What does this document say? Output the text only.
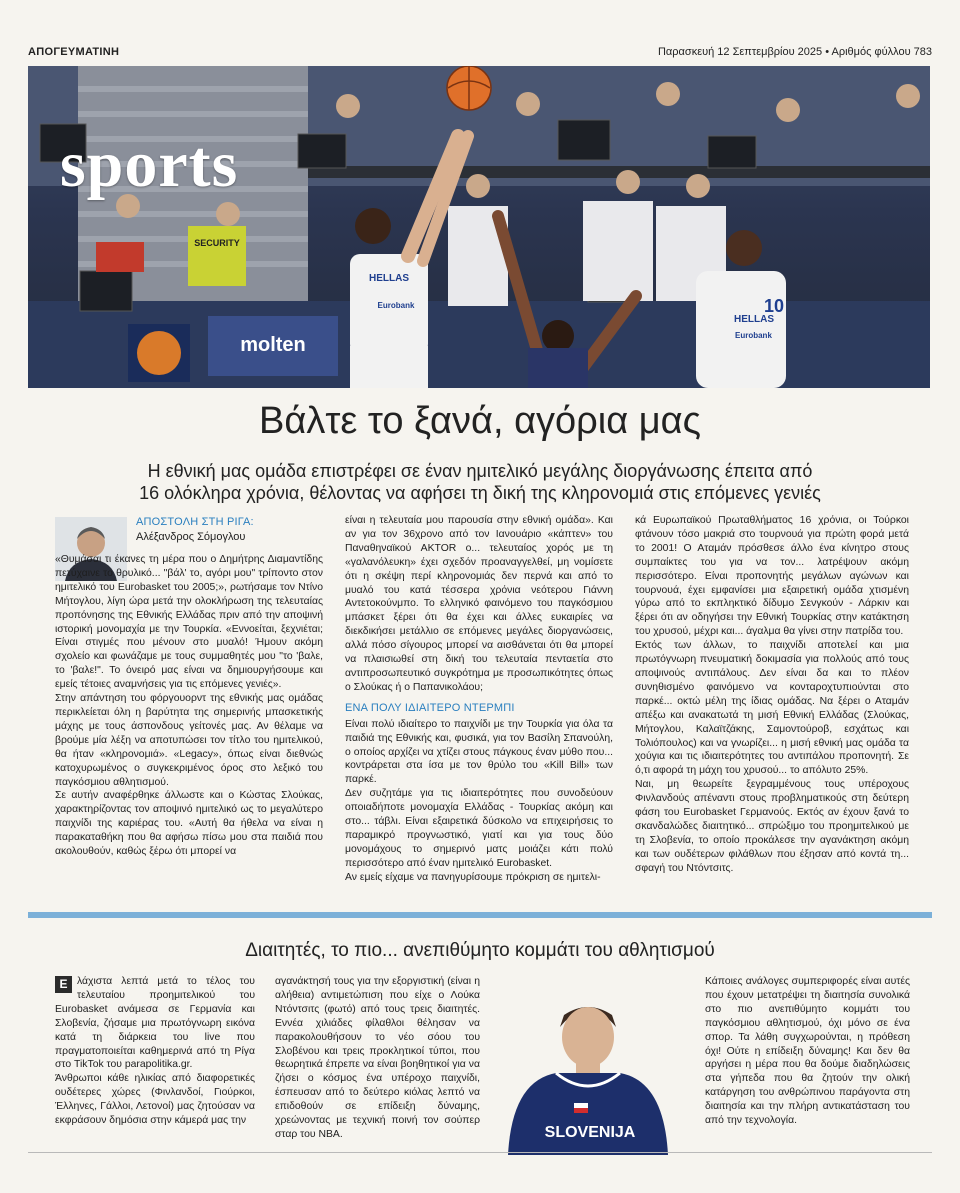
ΑΠΟΓΕΥΜΑΤΙΝΗ	Παρασκευή 12 Σεπτεμβρίου 2025 • Αριθμός φύλλου 783
SECURITY
molten
HELLAS
Eurobank
HELLAS
10
Eurobank
sports
Βάλτε το ξανά, αγόρια μας
Η εθνική μας ομάδα επιστρέφει σε έναν ημιτελικό μεγάλης διοργάνωσης έπειτα από
16 ολόκληρα χρόνια, θέλοντας να αφήσει τη δική της κληρονομιά στις επόμενες γενιές
ΑΠΟΣΤΟΛΗ ΣΤΗ ΡΙΓΑ:
Αλέξανδρος Σόμογλου

«Θυμάσαι τι έκανες τη μέρα που ο Δημήτρης Διαμαντίδης πετύχαινε το θρυλικό... "βάλ' το, αγόρι μου" τρίποντο στον ημιτελικό του Eurobasket του 2005;», ρωτήσαμε τον Ντίνο Μήτογλου, λίγη ώρα μετά την ολοκλήρωση της τελευταίας προπόνησης της Εθνικής Ελλάδας πριν από την αποψινή ιστορική μονομαχία με την Τουρκία. «Εννοείται, ξεχνιέται; Είναι στιγμές που μένουν στο μυαλό! Ήμουν ακόμη σχολείο και φωνάζαμε με τους συμμαθητές μου "το 'βαλε, το 'βαλε!". Το όνειρό μας είναι να δημιουργήσουμε και εμείς τέτοιες αναμνήσεις για τις επόμενες γενιές».

Στην απάντηση του φόργουορντ της εθνικής μας ομάδας περικλείεται όλη η βαρύτητα της σημερινής μπασκετικής μάχης με τους άσπονδους γείτονές μας. Αν θέλαμε να βρούμε μία λέξη να αποτυπώσει τον τίτλο του ημιτελικού, θα ήταν «κληρονομιά». «Legacy», όπως είναι διεθνώς κατοχυρωμένος ο συγκεκριμένος όρος στο λεξικό του παγκόσμιου αθλητισμού.

Σε αυτήν αναφέρθηκε άλλωστε και ο Κώστας Σλούκας, χαρακτηρίζοντας τον αποψινό ημιτελικό ως το μεγαλύτερο παιχνίδι της καριέρας του. «Αυτή θα ήθελα να είναι η παρακαταθήκη που θα αφήσω πίσω μου στα παιδιά που ακολουθούν, καθώς ξέρω ότι μπορεί να

είναι η τελευταία μου παρουσία στην εθνική ομάδα». Και αν για τον 36χρονο από τον Ιανουάριο «κάπτεν» του Παναθηναϊκού AKTOR ο... τελευταίος χορός με τη «γαλανόλευκη» έχει σχεδόν προαναγγελθεί, μη νομίσετε ότι η σκέψη περί κληρονομιάς δεν περνά και από το μυαλό του κατά τέσσερα χρόνια νεότερου Γιάννη Αντετοκούνμπο. Το ελληνικό φαινόμενο του παγκόσμιου μπάσκετ ξέρει ότι θα έχει και άλλες ευκαιρίες να διεκδικήσει μετάλλιο σε επόμενες μεγάλες διοργανώσεις, αλλά πόσο σίγουρος μπορεί να αισθάνεται ότι θα μπορεί να πλαισιωθεί στη δική του τελευταία πενταετία στο αντιπροσωπευτικό συγκρότημα με προσωπικότητες όπως ο Σλούκας ή ο Παπανικολάου;

ΕΝΑ ΠΟΛΥ ΙΔΙΑΙΤΕΡΟ ΝΤΕΡΜΠΙ

Είναι πολύ ιδιαίτερο το παιχνίδι με την Τουρκία για όλα τα παιδιά της Εθνικής και, φυσικά, για τον Βασίλη Σπανούλη, ο οποίος αρχίζει να χτίζει στους πάγκους έναν μύθο που... κοντράρεται στα ίσα με τον θρύλο του «Kill Bill» των παρκέ.

Δεν συζητάμε για τις ιδιαιτερότητες που συνοδεύουν οποιαδήποτε μονομαχία Ελλάδας - Τουρκίας ακόμη και στο... τάβλι. Είναι εξαιρετικά δύσκολο να επιχειρήσεις το παραμικρό προγνωστικό, γιατί και για τους δύο μονομάχους το σημερινό ματς μοιάζει κάτι πολύ περισσότερο από έναν ημιτελικό Eurobasket.

Αν εμείς είχαμε να πανηγυρίσουμε πρόκριση σε ημιτελι-

κά Ευρωπαϊκού Πρωταθλήματος 16 χρόνια, οι Τούρκοι φτάνουν τόσο μακριά στο τουρνουά για πρώτη φορά μετά το 2001! Ο Αταμάν πρόσθεσε άλλο ένα κίνητρο στους συμπαίκτες του για να τον... λατρέψουν ακόμη περισσότερο. Είναι προπονητής μεγάλων αγώνων και τουρνουά, έχει εμφανίσει μια εξαιρετική ομάδα χτισμένη γύρω από το εκπληκτικό δίδυμο Σενγκούν - Λάρκιν και ξέρει ότι αν οδηγήσει την Εθνική Τουρκίας στην κατάκτηση του χρυσού, μέχρι και... άγαλμα θα γίνει στην πατρίδα του.

Εκτός των άλλων, το παιχνίδι αποτελεί και μια πρωτόγνωρη πνευματική δοκιμασία για πολλούς από τους αποψινούς αντιπάλους. Δεν είναι δα και το πλέον συνηθισμένο φαινόμενο να κονταροχτυπιούνται στο παρκέ... οκτώ μέλη της ίδιας ομάδας. Να ξέρει ο Αταμάν απέξω και ανακατωτά τη μισή Εθνική Ελλάδας (Σλούκας, Μήτογλου, Καλαϊτζάκης, Σαμοντούροβ, εσχάτως και Τολιόπουλος) και να γνωρίζει... η μισή εθνική μας ομάδα τα χούγια και τις ιδιαιτερότητες του αντιπάλου προπονητή. Σε ό,τι αφορά τη μάχη του χρυσού... το απόλυτο 25%.

Ναι, μη θεωρείτε ξεγραμμένους τους υπέροχους Φινλανδούς απέναντι στους προβληματικούς στη δεύτερη φάση του Eurobasket Γερμανούς. Εκτός αν έχουν ξανά το σκανδαλώδες διαιτητικό... σπρώξιμο του προημιτελικού με τη Σλοβενία, το οποίο προκάλεσε την αγανάκτηση ακόμη και των ουδέτερων φιλάθλων που έξησαν από κοντά τη... σφαγή του Ντόντσιτς.

Διαιτητές, το πιο... ανεπιθύμητο κομμάτι του αθλητισμού

Ε λάχιστα λεπτά μετά το τέλος του τελευταίου προημιτελικού του Eurobasket ανάμεσα σε Γερμανία και Σλοβενία, ζήσαμε μια πρωτόγνωρη εικόνα κατά τη διάρκεια του live που πραγματοποιείται καθημερινά από τη Ρίγα στο TikTok του parapolitika.gr.

Άνθρωποι κάθε ηλικίας από διαφορετικές ουδέτερες χώρες (Φινλανδοί, Γιούρκοι, Έλληνες, Γάλλοι, Λετονοί) μας ζητούσαν να εκφράσουν δημόσια στην κάμερά μας την

αγανάκτησή τους για την εξοργιστική (είναι η αλήθεια) αντιμετώπιση που είχε ο Λούκα Ντόντσιτς (φωτό) από τους τρεις διαιτητές. Εννέα χιλιάδες φίλαθλοι θέλησαν να παρακολουθήσουν το νέο σόου του Σλοβένου και τρεις προκλητικοί τύποι, που θεωρητικά έπρεπε να είναι βοηθητικοί για να ζήσει ο κόσμος ένα υπέροχο παιχνίδι, έσπευσαν από το δεύτερο κιόλας λεπτό να επιδοθούν σε επίδειξη δύναμης, χρεώνοντας με τεχνική ποινή τον σούπερ σταρ του NBA.	SLOVENIJA

Κάποιες ανάλογες συμπεριφορές είναι αυτές που έχουν μετατρέψει τη διαιτησία συνολικά στο πιο ανεπιθύμητο κομμάτι του παγκόσμιου αθλητισμού, όχι μόνο σε ένα σπορ. Τα λάθη συγχωρούνται, η πρόθεση όχι! Ούτε η επίδειξη δύναμης! Και δεν θα αργήσει η μέρα που θα δούμε διαδηλώσεις στα γήπεδα που θα ζητούν την ολική κατάργηση του ανθρώπινου παράγοντα στη διαιτησία και την πλήρη αντικατάσταση του από την τεχνολογία.
